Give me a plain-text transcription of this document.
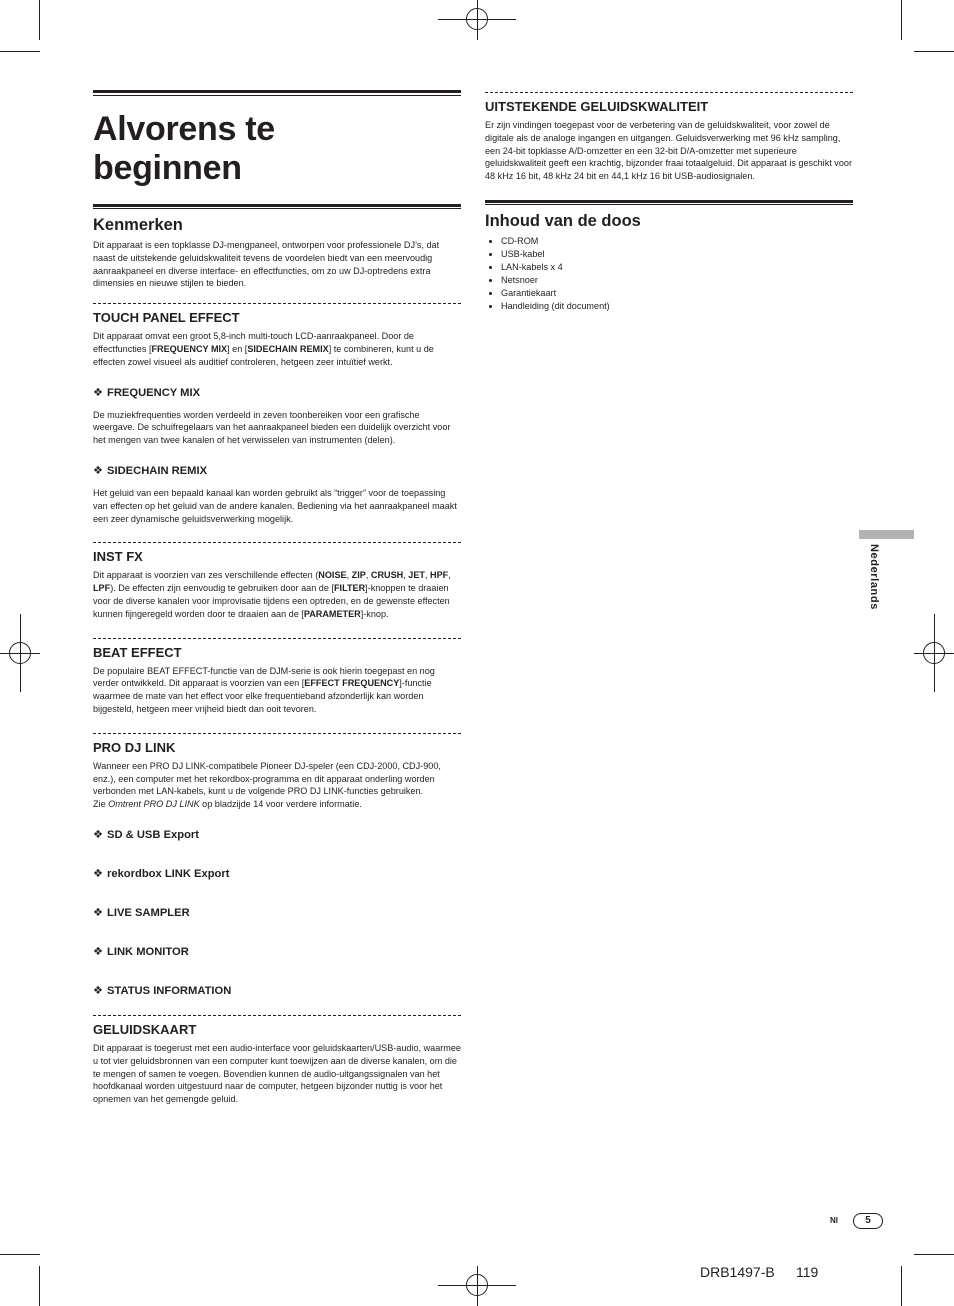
Alvorens te
beginnen
Kenmerken

Dit apparaat is een topklasse DJ-mengpaneel, ontworpen voor professionele DJ’s, dat naast de uitstekende geluidskwaliteit tevens de voordelen biedt van een meervoudig aanraakpaneel en diverse interface- en effectfuncties, om zo uw DJ-optredens extra dimensies en nieuwe stijlen te bieden.

TOUCH PANEL EFFECT

Dit apparaat omvat een groot 5,8-inch multi-touch LCD-aanraakpaneel. Door de effectfuncties [FREQUENCY MIX] en [SIDECHAIN REMIX] te combineren, kunt u de effecten zowel visueel als auditief controleren, hetgeen zeer intuïtief werkt.

❖ FREQUENCY MIX

De muziekfrequenties worden verdeeld in zeven toonbereiken voor een grafische weergave. De schuifregelaars van het aanraakpaneel bieden een duidelijk overzicht voor het mengen van twee kanalen of het verwisselen van instrumenten (delen).

❖ SIDECHAIN REMIX

Het geluid van een bepaald kanaal kan worden gebruikt als “trigger” voor de toepassing van effecten op het geluid van de andere kanalen. Bediening via het aanraakpaneel maakt een zeer dynamische geluidsverwerking mogelijk.

INST FX

Dit apparaat is voorzien van zes verschillende effecten (NOISE, ZIP, CRUSH, JET, HPF, LPF). De effecten zijn eenvoudig te gebruiken door aan de [FILTER]-knoppen te draaien voor de diverse kanalen voor improvisatie tijdens een optreden, en de gewenste effecten kunnen fijngeregeld worden door te draaien aan de [PARAMETER]-knop.

BEAT EFFECT

De populaire BEAT EFFECT-functie van de DJM-serie is ook hierin toegepast en nog verder ontwikkeld. Dit apparaat is voorzien van een [EFFECT FREQUENCY]-functie waarmee de mate van het effect voor elke frequentieband afzonderlijk kan worden bijgesteld, hetgeen meer vrijheid biedt dan ooit tevoren.

PRO DJ LINK

Wanneer een PRO DJ LINK-compatibele Pioneer DJ-speler (een CDJ-2000, CDJ-900, enz.), een computer met het rekordbox-programma en dit apparaat onderling worden verbonden met LAN-kabels, kunt u de volgende PRO DJ LINK-functies gebruiken.

Zie Omtrent PRO DJ LINK op bladzijde 14 voor verdere informatie.

❖ SD & USB Export
❖ rekordbox LINK Export
❖ LIVE SAMPLER
❖ LINK MONITOR
❖ STATUS INFORMATION
GELUIDSKAART

Dit apparaat is toegerust met een audio-interface voor geluidskaarten/USB-audio, waarmee u tot vier geluidsbronnen van een computer kunt toewijzen aan de diverse kanalen, om die te mengen of samen te voegen. Bovendien kunnen de audio-uitgangssignalen van het hoofdkanaal worden uitgestuurd naar de computer, hetgeen bijzonder nuttig is voor het opnemen van het gemengde geluid.

UITSTEKENDE GELUIDSKWALITEIT

Er zijn vindingen toegepast voor de verbetering van de geluidskwaliteit, voor zowel de digitale als de analoge ingangen en uitgangen. Geluidsverwerking met 96 kHz sampling, een 24-bit topklasse A/D-omzetter en een 32-bit D/A-omzetter met superieure geluidskwaliteit geeft een krachtig, bijzonder fraai totaalgeluid. Dit apparaat is geschikt voor 48 kHz 16 bit, 48 kHz 24 bit en 44,1 kHz 16 bit USB-audiosignalen.

Inhoud van de doos
• CD-ROM
• USB-kabel
• LAN-kabels x 4
• Netsnoer
• Garantiekaart
• Handleiding (dit document)
Nederlands
Nl	5
DRB1497-B 119
